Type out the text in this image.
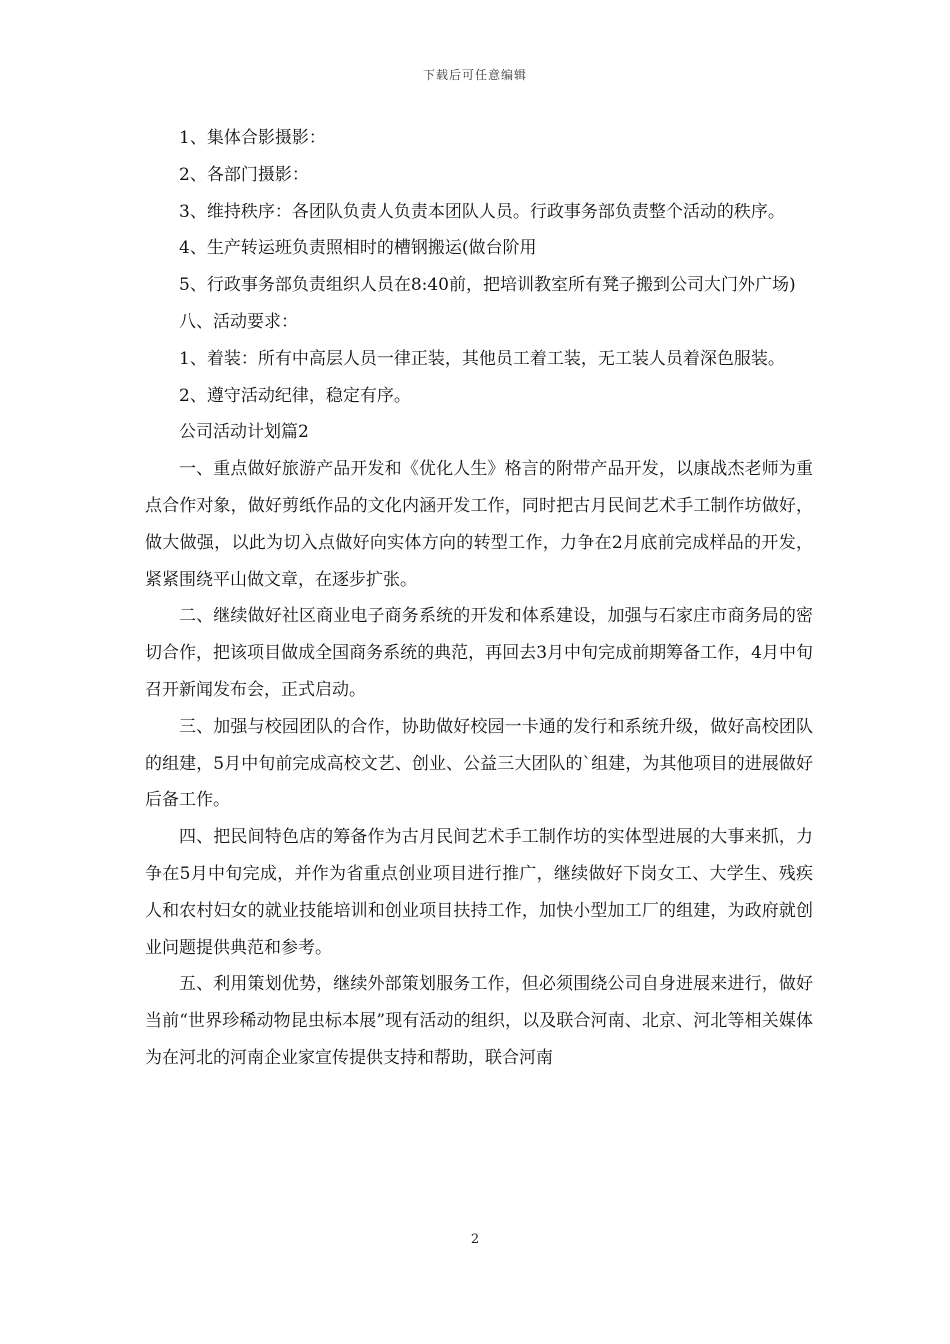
下载后可任意编辑

1、集体合影摄影：

2、各部门摄影：

3、维持秩序：各团队负责人负责本团队人员。行政事务部负责整个活动的秩序。

4、生产转运班负责照相时的槽钢搬运(做台阶用

5、行政事务部负责组织人员在8:40前，把培训教室所有凳子搬到公司大门外广场)

八、活动要求：

1、着装：所有中高层人员一律正装，其他员工着工装，无工装人员着深色服装。

2、遵守活动纪律，稳定有序。

公司活动计划篇2

一、重点做好旅游产品开发和《优化人生》格言的附带产品开发，以康战杰老师为重点合作对象，做好剪纸作品的文化内涵开发工作，同时把古月民间艺术手工制作坊做好，做大做强，以此为切入点做好向实体方向的转型工作，力争在2月底前完成样品的开发，紧紧围绕平山做文章，在逐步扩张。

二、继续做好社区商业电子商务系统的开发和体系建设，加强与石家庄市商务局的密切合作，把该项目做成全国商务系统的典范，再回去3月中旬完成前期筹备工作，4月中旬召开新闻发布会，正式启动。

三、加强与校园团队的合作，协助做好校园一卡通的发行和系统升级，做好高校团队的组建，5月中旬前完成高校文艺、创业、公益三大团队的`组建，为其他项目的进展做好后备工作。

四、把民间特色店的筹备作为古月民间艺术手工制作坊的实体型进展的大事来抓，力争在5月中旬完成，并作为省重点创业项目进行推广，继续做好下岗女工、大学生、残疾人和农村妇女的就业技能培训和创业项目扶持工作，加快小型加工厂的组建，为政府就创业问题提供典范和参考。

五、利用策划优势，继续外部策划服务工作，但必须围绕公司自身进展来进行，做好当前“世界珍稀动物昆虫标本展”现有活动的组织，以及联合河南、北京、河北等相关媒体为在河北的河南企业家宣传提供支持和帮助，联合河南

2
